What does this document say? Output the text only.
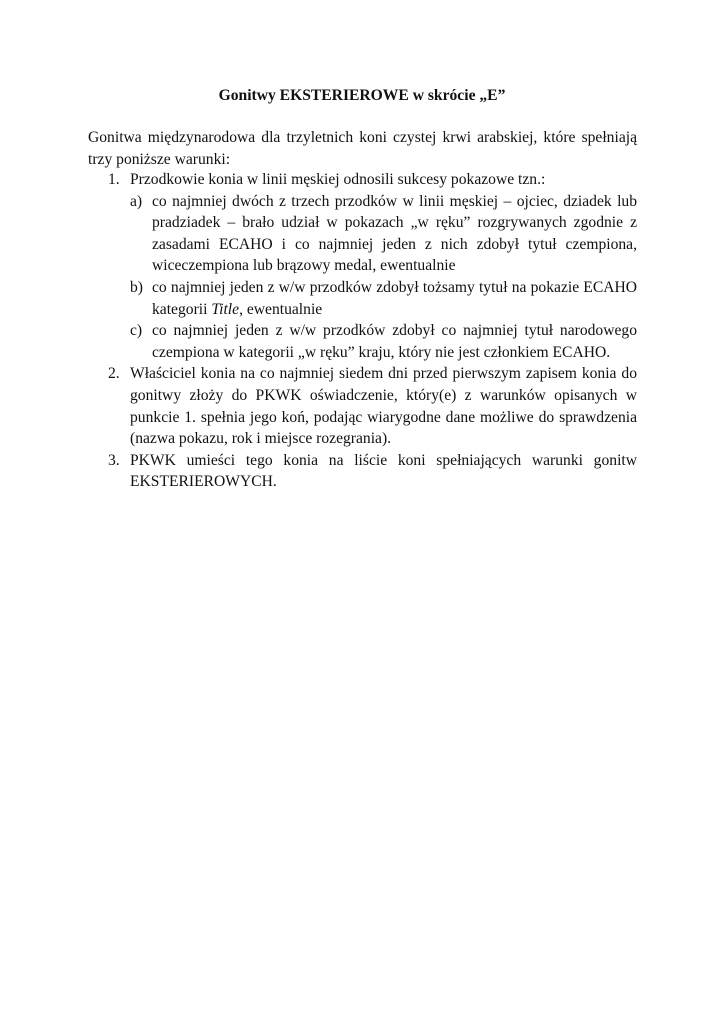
Gonitwy EKSTERIEROWE w skrócie „E”
Gonitwa międzynarodowa dla trzyletnich koni czystej krwi arabskiej, które spełniają trzy poniższe warunki:
1. Przodkowie konia w linii męskiej odnosili sukcesy pokazowe tzn.:
a) co najmniej dwóch z trzech przodków w linii męskiej – ojciec, dziadek lub pradziadek – brało udział w pokazach „w ręku” rozgrywanych zgodnie z zasadami ECAHO i co najmniej jeden z nich zdobył tytuł czempiona, wiceczempiona lub brązowy medal, ewentualnie
b) co najmniej jeden z w/w przodków zdobył tożsamy tytuł na pokazie ECAHO kategorii Title, ewentualnie
c) co najmniej jeden z w/w przodków zdobył co najmniej tytuł narodowego czempiona w kategorii „w ręku” kraju, który nie jest członkiem ECAHO.
2. Właściciel konia na co najmniej siedem dni przed pierwszym zapisem konia do gonitwy złoży do PKWK oświadczenie, który(e) z warunków opisanych w punkcie 1. spełnia jego koń, podając wiarygodne dane możliwe do sprawdzenia (nazwa pokazu, rok i miejsce rozegrania).
3. PKWK umieści tego konia na liście koni spełniających warunki gonitw EKSTERIEROWYCH.
